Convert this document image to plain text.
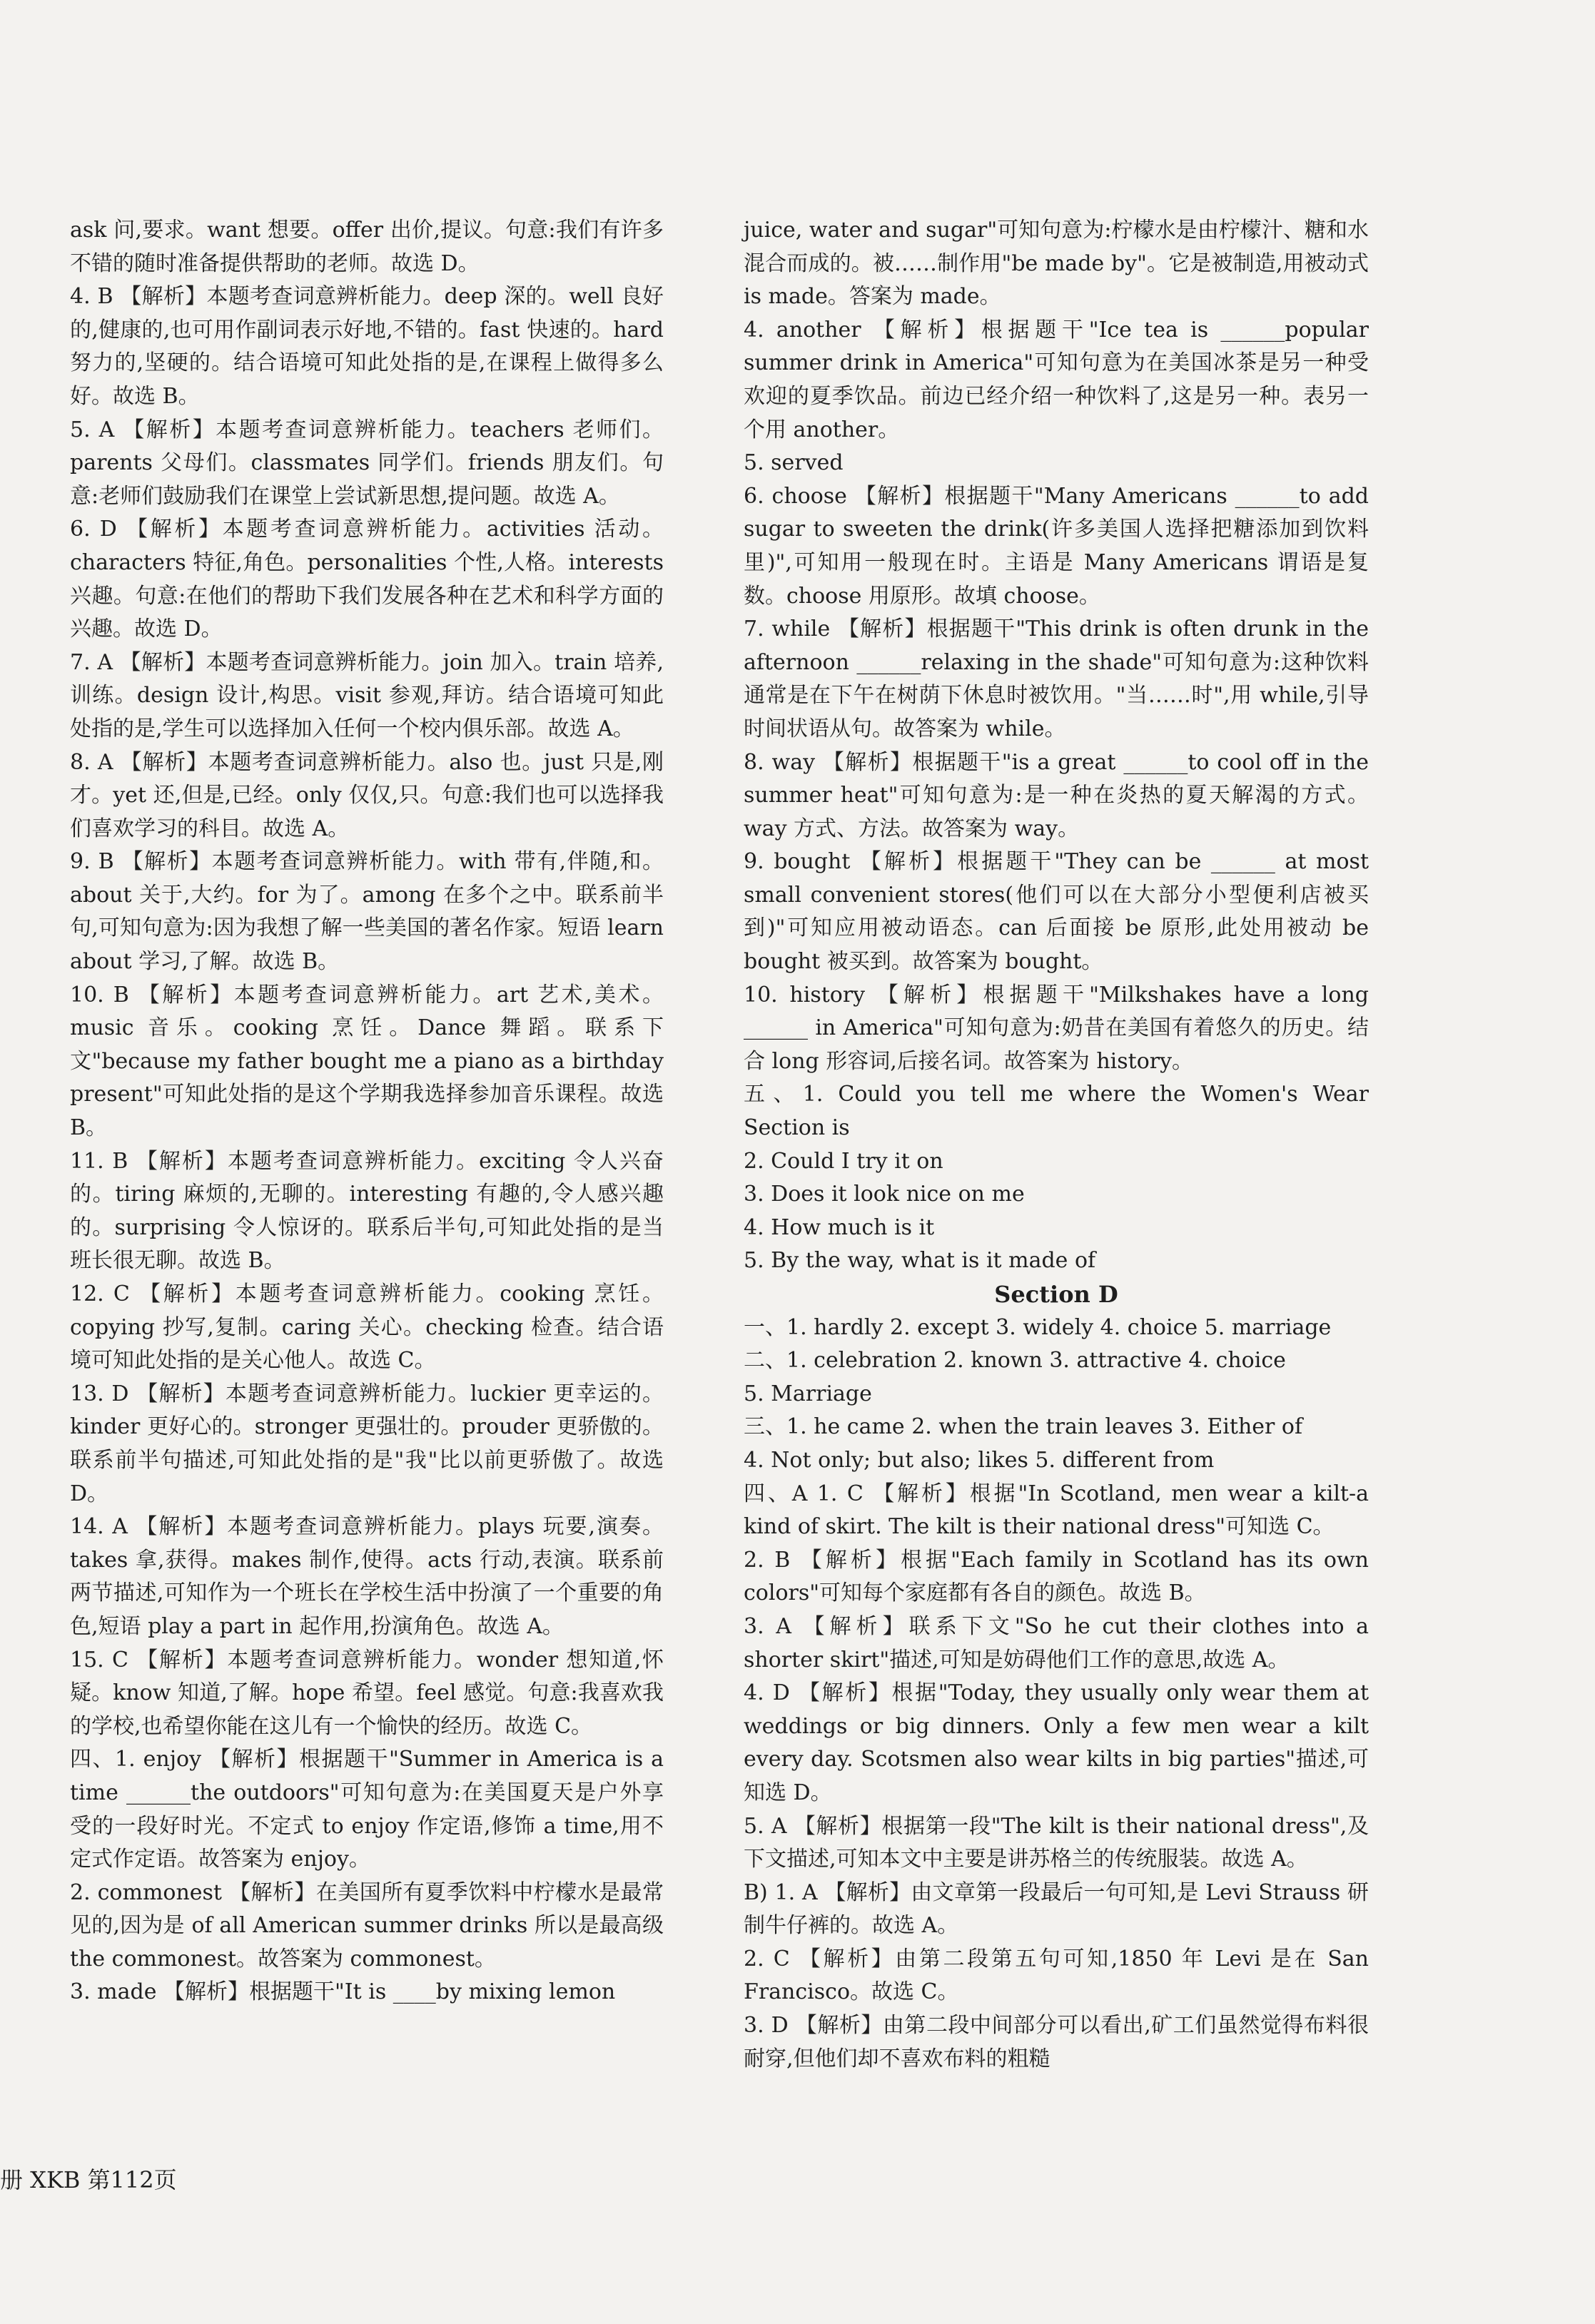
ask 问,要求。want 想要。offer 出价,提议。句意:我们有许多不错的随时准备提供帮助的老师。故选 D。

4. B 【解析】本题考查词意辨析能力。deep 深的。well 良好的,健康的,也可用作副词表示好地,不错的。fast 快速的。hard 努力的,坚硬的。结合语境可知此处指的是,在课程上做得多么好。故选 B。

5. A 【解析】本题考查词意辨析能力。teachers 老师们。parents 父母们。classmates 同学们。friends 朋友们。句意:老师们鼓励我们在课堂上尝试新思想,提问题。故选 A。

6. D 【解析】本题考查词意辨析能力。activities 活动。characters 特征,角色。personalities 个性,人格。interests 兴趣。句意:在他们的帮助下我们发展各种在艺术和科学方面的兴趣。故选 D。

7. A 【解析】本题考查词意辨析能力。join 加入。train 培养,训练。design 设计,构思。visit 参观,拜访。结合语境可知此处指的是,学生可以选择加入任何一个校内俱乐部。故选 A。

8. A 【解析】本题考查词意辨析能力。also 也。just 只是,刚才。yet 还,但是,已经。only 仅仅,只。句意:我们也可以选择我们喜欢学习的科目。故选 A。

9. B 【解析】本题考查词意辨析能力。with 带有,伴随,和。about 关于,大约。for 为了。among 在多个之中。联系前半句,可知句意为:因为我想了解一些美国的著名作家。短语 learn about 学习,了解。故选 B。

10. B 【解析】本题考查词意辨析能力。art 艺术,美术。music 音乐。cooking 烹饪。Dance 舞蹈。联系下文"because my father bought me a piano as a birthday present"可知此处指的是这个学期我选择参加音乐课程。故选 B。

11. B 【解析】本题考查词意辨析能力。exciting 令人兴奋的。tiring 麻烦的,无聊的。interesting 有趣的,令人感兴趣的。surprising 令人惊讶的。联系后半句,可知此处指的是当班长很无聊。故选 B。

12. C 【解析】本题考查词意辨析能力。cooking 烹饪。copying 抄写,复制。caring 关心。checking 检查。结合语境可知此处指的是关心他人。故选 C。

13. D 【解析】本题考查词意辨析能力。luckier 更幸运的。kinder 更好心的。stronger 更强壮的。prouder 更骄傲的。联系前半句描述,可知此处指的是"我"比以前更骄傲了。故选 D。

14. A 【解析】本题考查词意辨析能力。plays 玩要,演奏。takes 拿,获得。makes 制作,使得。acts 行动,表演。联系前两节描述,可知作为一个班长在学校生活中扮演了一个重要的角色,短语 play a part in 起作用,扮演角色。故选 A。

15. C 【解析】本题考查词意辨析能力。wonder 想知道,怀疑。know 知道,了解。hope 希望。feel 感觉。句意:我喜欢我的学校,也希望你能在这儿有一个愉快的经历。故选 C。

四、1. enjoy 【解析】根据题干"Summer in America is a time ______the outdoors"可知句意为:在美国夏天是户外享受的一段好时光。不定式 to enjoy 作定语,修饰 a time,用不定式作定语。故答案为 enjoy。

2. commonest 【解析】在美国所有夏季饮料中柠檬水是最常见的,因为是 of all American summer drinks 所以是最高级 the commonest。故答案为 commonest。

3. made 【解析】根据题干"It is ____by mixing lemon

juice, water and sugar"可知句意为:柠檬水是由柠檬汁、糖和水混合而成的。被……制作用"be made by"。它是被制造,用被动式 is made。答案为 made。

4. another 【解析】根据题干"Ice tea is ______popular summer drink in America"可知句意为在美国冰茶是另一种受欢迎的夏季饮品。前边已经介绍一种饮料了,这是另一种。表另一个用 another。

5. served

6. choose 【解析】根据题干"Many Americans ______to add sugar to sweeten the drink(许多美国人选择把糖添加到饮料里)",可知用一般现在时。主语是 Many Americans 谓语是复数。choose 用原形。故填 choose。

7. while 【解析】根据题干"This drink is often drunk in the afternoon ______relaxing in the shade"可知句意为:这种饮料通常是在下午在树荫下休息时被饮用。"当……时",用 while,引导时间状语从句。故答案为 while。

8. way 【解析】根据题干"is a great ______to cool off in the summer heat"可知句意为:是一种在炎热的夏天解渴的方式。way 方式、方法。故答案为 way。

9. bought 【解析】根据题干"They can be ______ at most small convenient stores(他们可以在大部分小型便利店被买到)"可知应用被动语态。can 后面接 be 原形,此处用被动 be bought 被买到。故答案为 bought。

10. history 【解析】根据题干"Milkshakes have a long ______ in America"可知句意为:奶昔在美国有着悠久的历史。结合 long 形容词,后接名词。故答案为 history。

五、1. Could you tell me where the Women's Wear Section is

2. Could I try it on

3. Does it look nice on me

4. How much is it

5. By the way, what is it made of

Section D

一、1. hardly 2. except 3. widely 4. choice 5. marriage

二、1. celebration 2. known 3. attractive 4. choice

5. Marriage

三、1. he came 2. when the train leaves 3. Either of

4. Not only; but also; likes 5. different from

四、A 1. C 【解析】根据"In Scotland, men wear a kilt-a kind of skirt. The kilt is their national dress"可知选 C。

2. B 【解析】根据"Each family in Scotland has its own colors"可知每个家庭都有各自的颜色。故选 B。

3. A 【解析】联系下文"So he cut their clothes into a shorter skirt"描述,可知是妨碍他们工作的意思,故选 A。

4. D 【解析】根据"Today, they usually only wear them at weddings or big dinners. Only a few men wear a kilt every day. Scotsmen also wear kilts in big parties"描述,可知选 D。

5. A 【解析】根据第一段"The kilt is their national dress",及下文描述,可知本文中主要是讲苏格兰的传统服装。故选 A。

B) 1. A 【解析】由文章第一段最后一句可知,是 Levi Strauss 研制牛仔裤的。故选 A。

2. C 【解析】由第二段第五句可知,1850 年 Levi 是在 San Francisco。故选 C。

3. D 【解析】由第二段中间部分可以看出,矿工们虽然觉得布料很耐穿,但他们却不喜欢布料的粗糙

册 XKB 第112页
